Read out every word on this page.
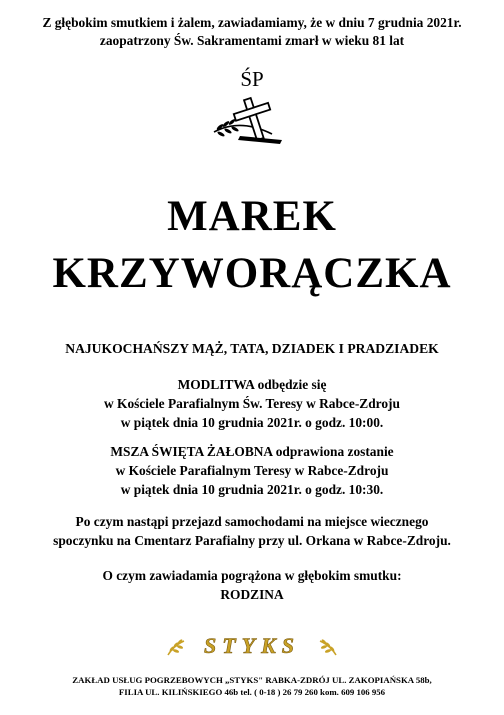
Z głębokim smutkiem i żalem, zawiadamiamy, że w dniu 7 grudnia 2021r.
zaopatrzony Św. Sakramentami zmarł w wieku 81 lat
ŚP
MAREK
KRZYWORĄCZKA
NAJUKOCHAŃSZY MĄŻ, TATA, DZIADEK I PRADZIADEK
MODLITWA odbędzie się
w Kościele Parafialnym Św. Teresy w Rabce-Zdroju
w piątek dnia 10 grudnia 2021r. o godz. 10:00.
MSZA ŚWIĘTA ŻAŁOBNA odprawiona zostanie
w Kościele Parafialnym Teresy w Rabce-Zdroju
w piątek dnia 10 grudnia 2021r. o godz. 10:30.
Po czym nastąpi przejazd samochodami na miejsce wiecznego
spoczynku na Cmentarz Parafialny przy ul. Orkana w Rabce-Zdroju.
O czym zawiadamia pogrążona w głębokim smutku:
RODZINA
STYKS
ZAKŁAD USŁUG POGRZEBOWYCH „STYKS" RABKA-ZDRÓJ UL. ZAKOPIAŃSKA 58b,
FILIA UL. KILIŃSKIEGO 46b tel. ( 0-18 ) 26 79 260 kom. 609 106 956
